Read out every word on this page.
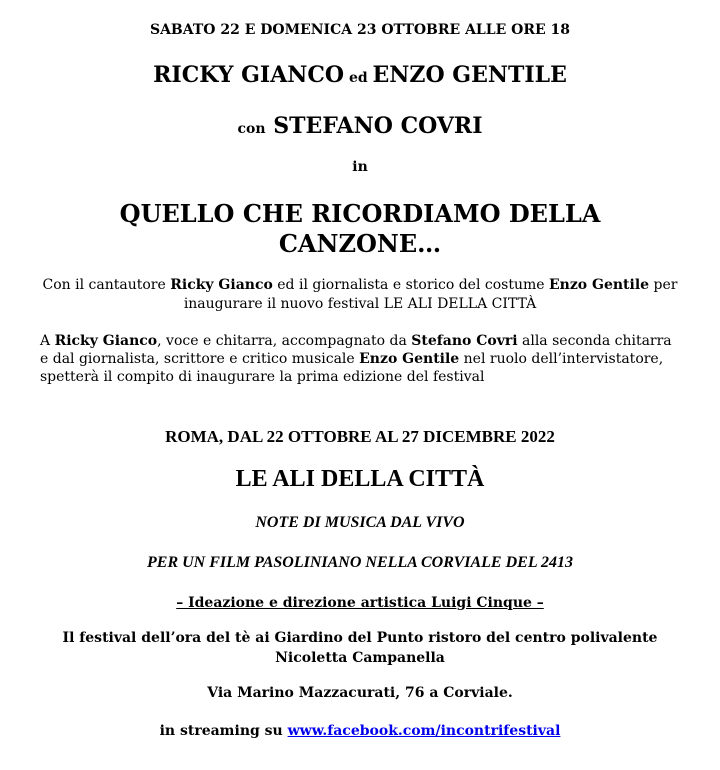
SABATO 22 E DOMENICA 23 OTTOBRE ALLE ORE 18

RICKY GIANCO ed ENZO GENTILE

con STEFANO COVRI

in

QUELLO CHE RICORDIAMO DELLA

CANZONE…

Con il cantautore Ricky Gianco ed il giornalista e storico del costume Enzo Gentile per

inaugurare il nuovo festival LE ALI DELLA CITTÀ

A Ricky Gianco, voce e chitarra, accompagnato da Stefano Covri alla seconda chitarra

e dal giornalista, scrittore e critico musicale Enzo Gentile nel ruolo dell’intervistatore,

spetterà il compito di inaugurare la prima edizione del festival

ROMA, DAL 22 OTTOBRE AL 27 DICEMBRE 2022

LE ALI DELLA CITTÀ

NOTE DI MUSICA DAL VIVO

PER UN FILM PASOLINIANO NELLA CORVIALE DEL 2413

– Ideazione e direzione artistica Luigi Cinque –

Il festival dell’ora del tè ai Giardino del Punto ristoro del centro polivalente

Nicoletta Campanella

Via Marino Mazzacurati, 76 a Corviale.

in streaming su www.facebook.com/incontrifestival
